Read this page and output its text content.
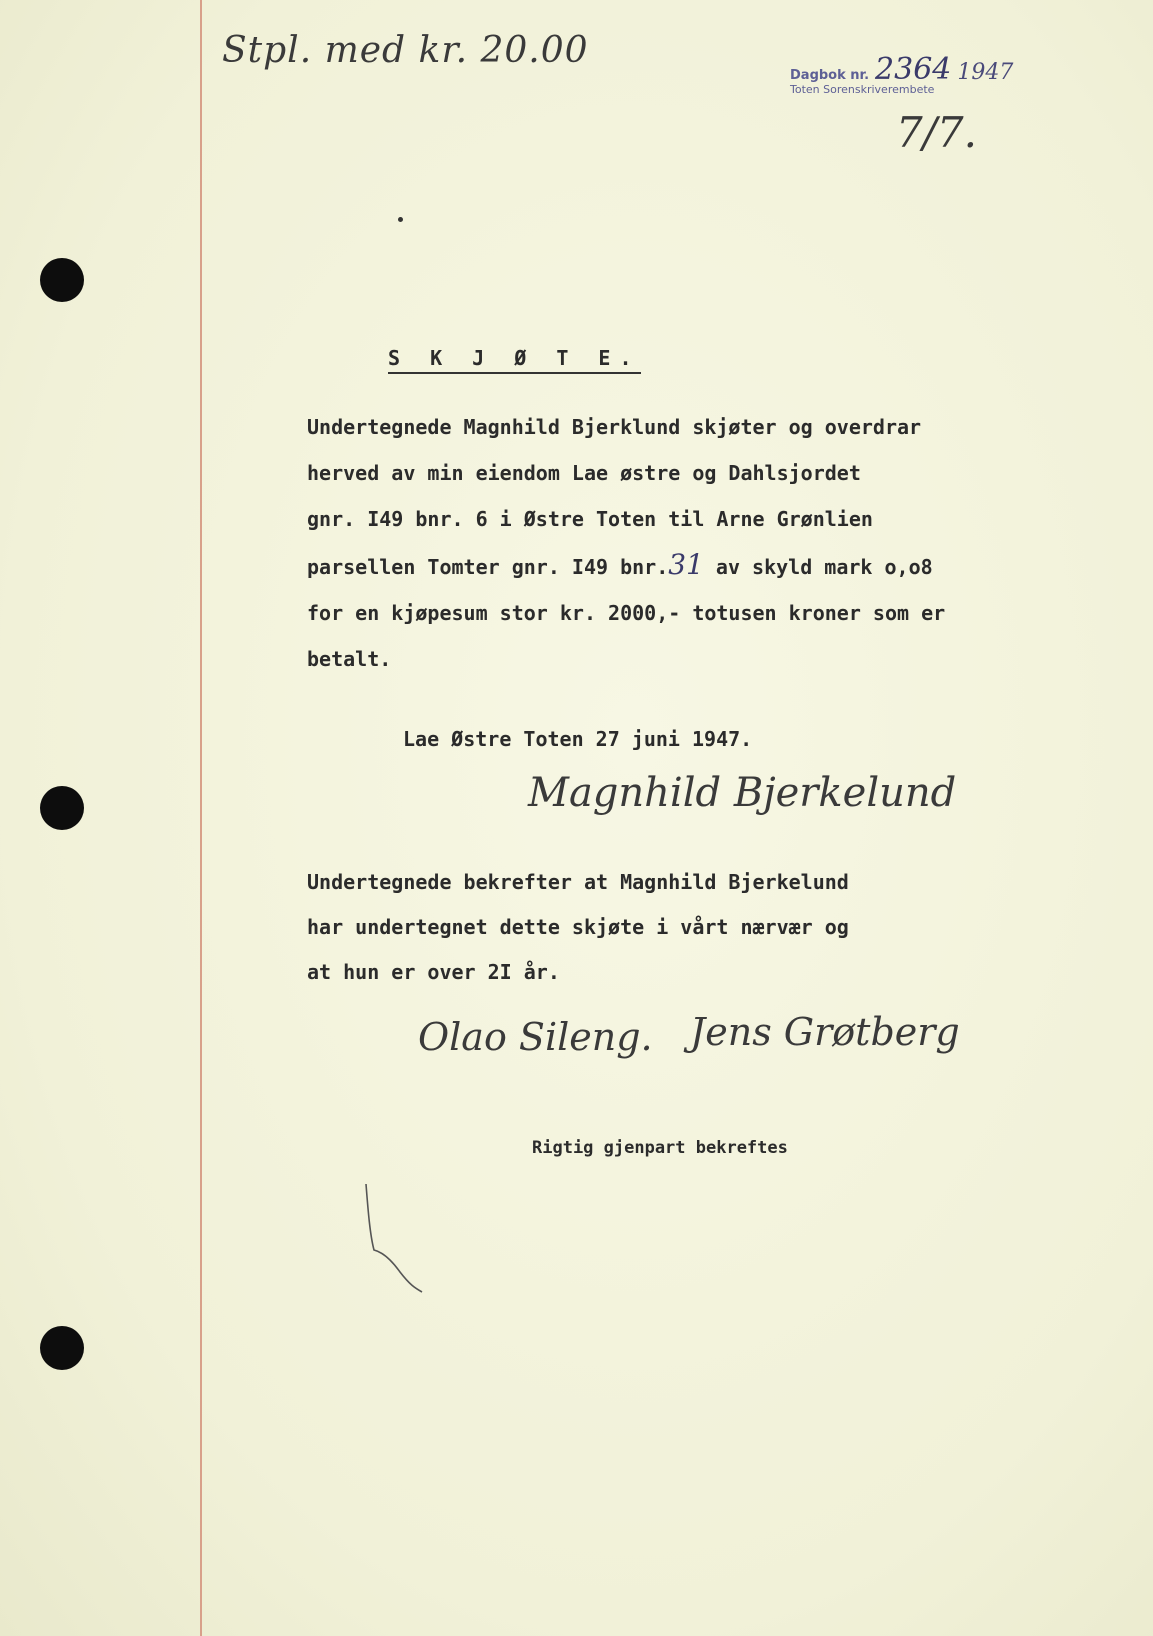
Stpl. med kr. 20.00
Dagbok nr. 2364 1947
Toten Sorenskriverembete
7/7.
S K J Ø T E.
Undertegnede Magnhild Bjerklund skjøter og overdrar
herved av min eiendom Lae østre og Dahlsjordet
gnr. I49 bnr. 6 i Østre Toten til Arne Grønlien
parsellen Tomter gnr. I49 bnr.31 av skyld mark o,o8
for en kjøpesum stor kr. 2000,- totusen kroner som er
betalt.
Lae Østre Toten 27 juni 1947.
Magnhild Bjerkelund
Undertegnede bekrefter at Magnhild Bjerkelund
har undertegnet dette skjøte i vårt nærvær og
at hun er over 2I år.
Olao Sileng. Jens Grøtberg
Rigtig gjenpart bekreftes
